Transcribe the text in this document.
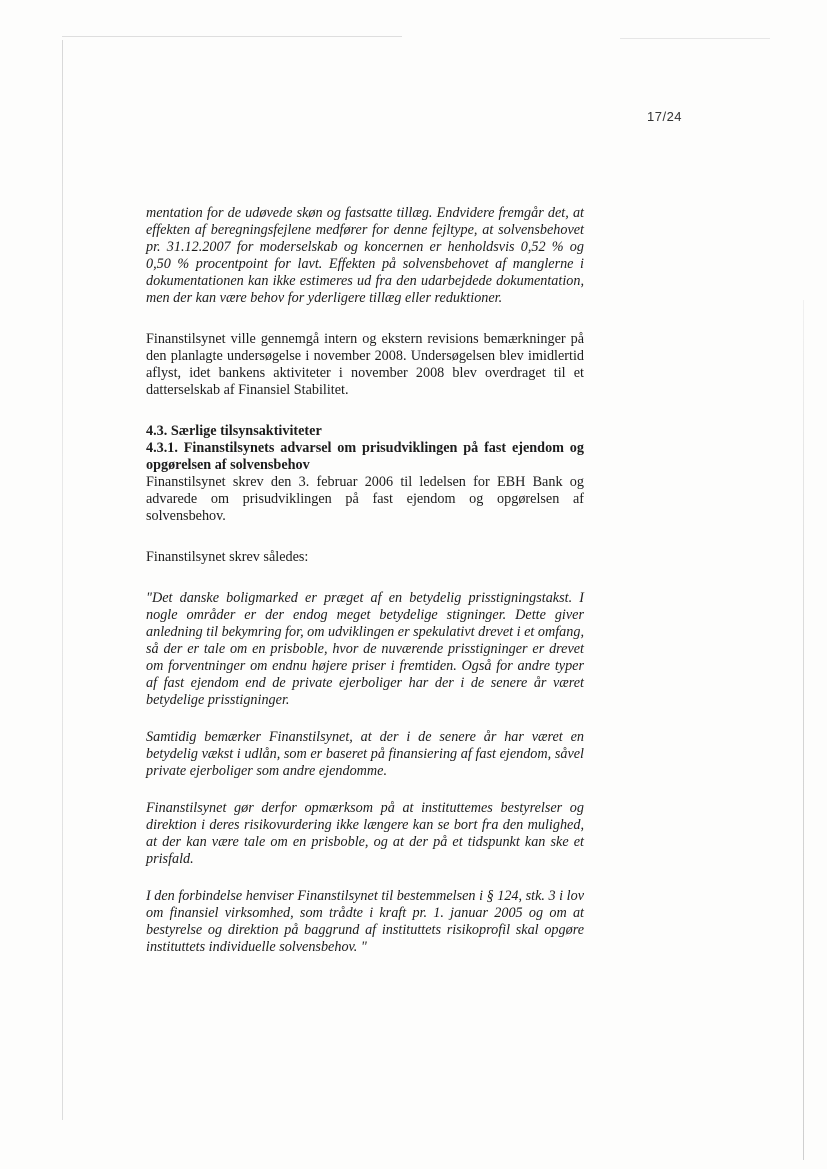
17/24

mentation for de udøvede skøn og fastsatte tillæg. Endvidere fremgår det, at effekten af beregningsfejlene medfører for denne fejltype, at solvensbehovet pr. 31.12.2007 for moderselskab og koncernen er henholdsvis 0,52 % og 0,50 % procentpoint for lavt. Effekten på solvensbehovet af manglerne i dokumentationen kan ikke estimeres ud fra den udarbejdede dokumentation, men der kan være behov for yderligere tillæg eller reduktioner.

Finanstilsynet ville gennemgå intern og ekstern revisions bemærkninger på den planlagte undersøgelse i november 2008. Undersøgelsen blev imidlertid aflyst, idet bankens aktiviteter i november 2008 blev overdraget til et datterselskab af Finansiel Stabilitet.

4.3. Særlige tilsynsaktiviteter

4.3.1. Finanstilsynets advarsel om prisudviklingen på fast ejendom og opgørelsen af solvensbehov

Finanstilsynet skrev den 3. februar 2006 til ledelsen for EBH Bank og advarede om prisudviklingen på fast ejendom og opgørelsen af solvensbehov.

Finanstilsynet skrev således:

"Det danske boligmarked er præget af en betydelig prisstigningstakst. I nogle områder er der endog meget betydelige stigninger. Dette giver anledning til bekymring for, om udviklingen er spekulativt drevet i et omfang, så der er tale om en prisboble, hvor de nuværende prisstigninger er drevet om forventninger om endnu højere priser i fremtiden. Også for andre typer af fast ejendom end de private ejerboliger har der i de senere år været betydelige prisstigninger.

Samtidig bemærker Finanstilsynet, at der i de senere år har været en betydelig vækst i udlån, som er baseret på finansiering af fast ejendom, såvel private ejerboliger som andre ejendomme.

Finanstilsynet gør derfor opmærksom på at instituttemes bestyrelser og direktion i deres risikovurdering ikke længere kan se bort fra den mulighed, at der kan være tale om en prisboble, og at der på et tidspunkt kan ske et prisfald.

I den forbindelse henviser Finanstilsynet til bestemmelsen i § 124, stk. 3 i lov om finansiel virksomhed, som trådte i kraft pr. 1. januar 2005 og om at bestyrelse og direktion på baggrund af instituttets risikoprofil skal opgøre instituttets individuelle solvensbehov. "
